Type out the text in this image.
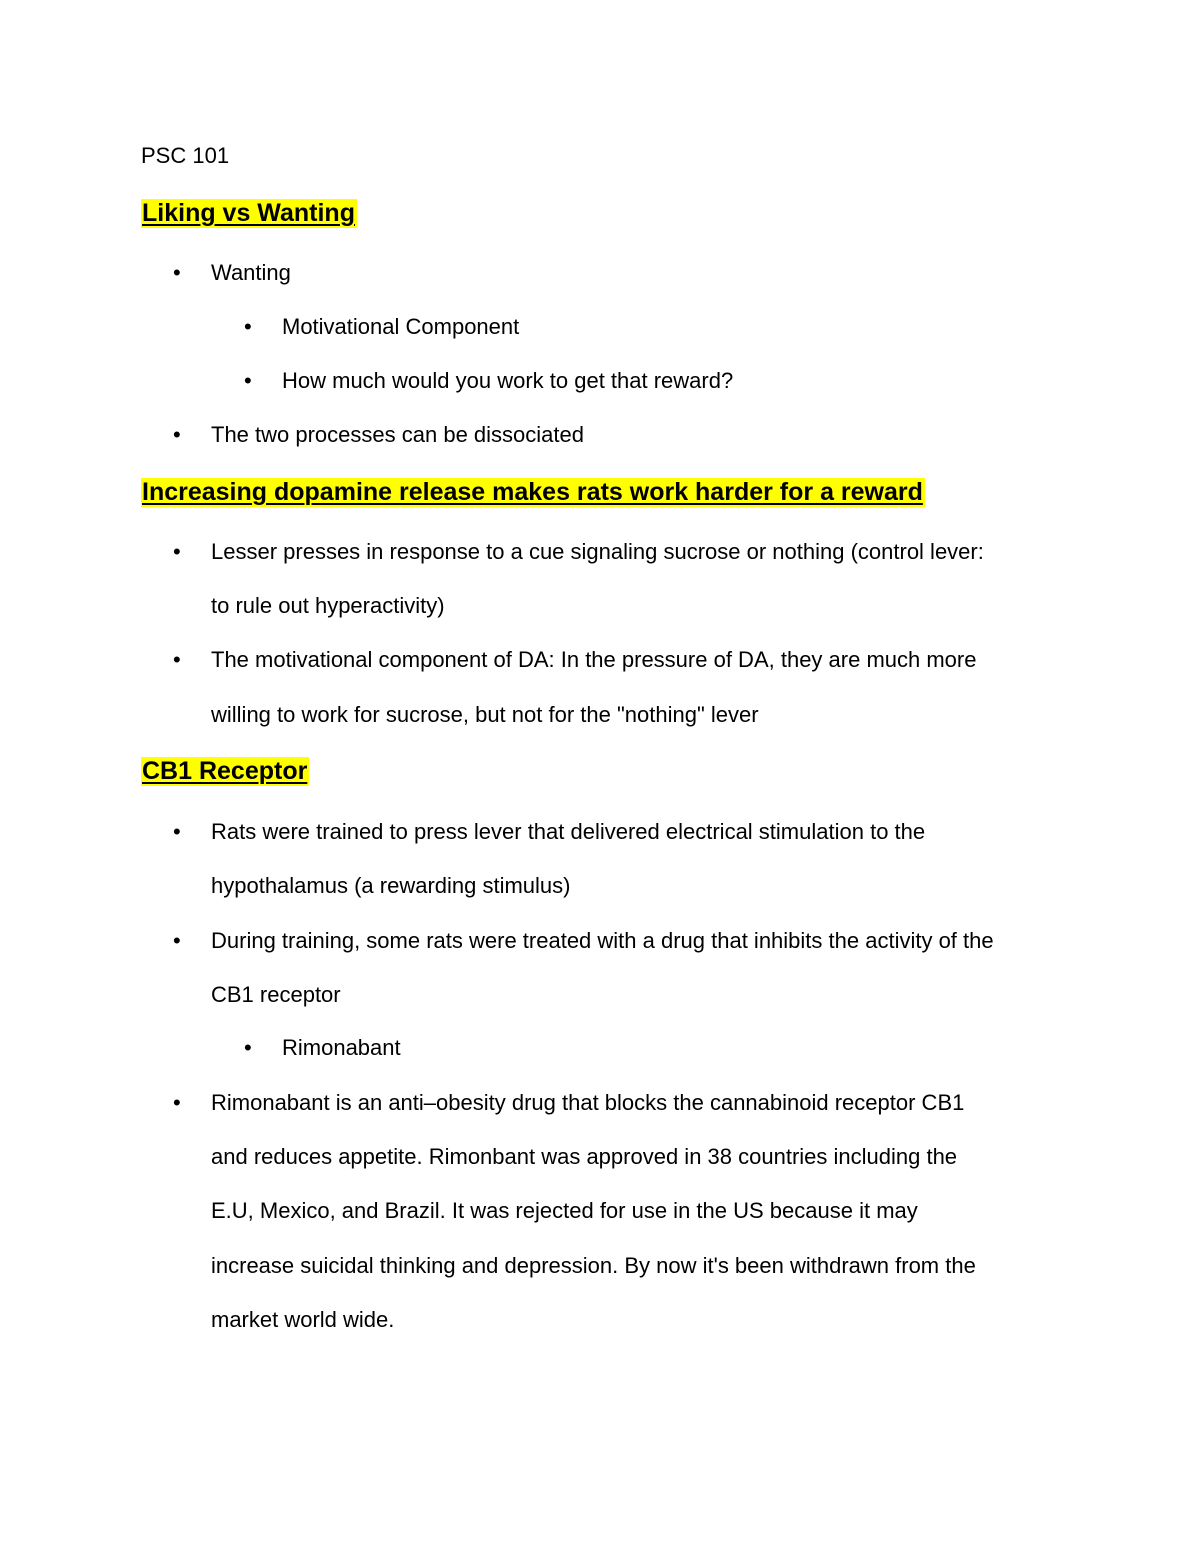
PSC 101
Liking vs Wanting
• Wanting
• Motivational Component
• How much would you work to get that reward?
• The two processes can be dissociated
Increasing dopamine release makes rats work harder for a reward
• Lesser presses in response to a cue signaling sucrose or nothing (control lever:
to rule out hyperactivity)
• The motivational component of DA: In the pressure of DA, they are much more
willing to work for sucrose, but not for the "nothing" lever
CB1 Receptor
• Rats were trained to press lever that delivered electrical stimulation to the
hypothalamus (a rewarding stimulus)
• During training, some rats were treated with a drug that inhibits the activity of the
CB1 receptor
• Rimonabant
• Rimonabant is an anti–obesity drug that blocks the cannabinoid receptor CB1
and reduces appetite. Rimonbant was approved in 38 countries including the
E.U, Mexico, and Brazil. It was rejected for use in the US because it may
increase suicidal thinking and depression. By now it's been withdrawn from the
market world wide.
